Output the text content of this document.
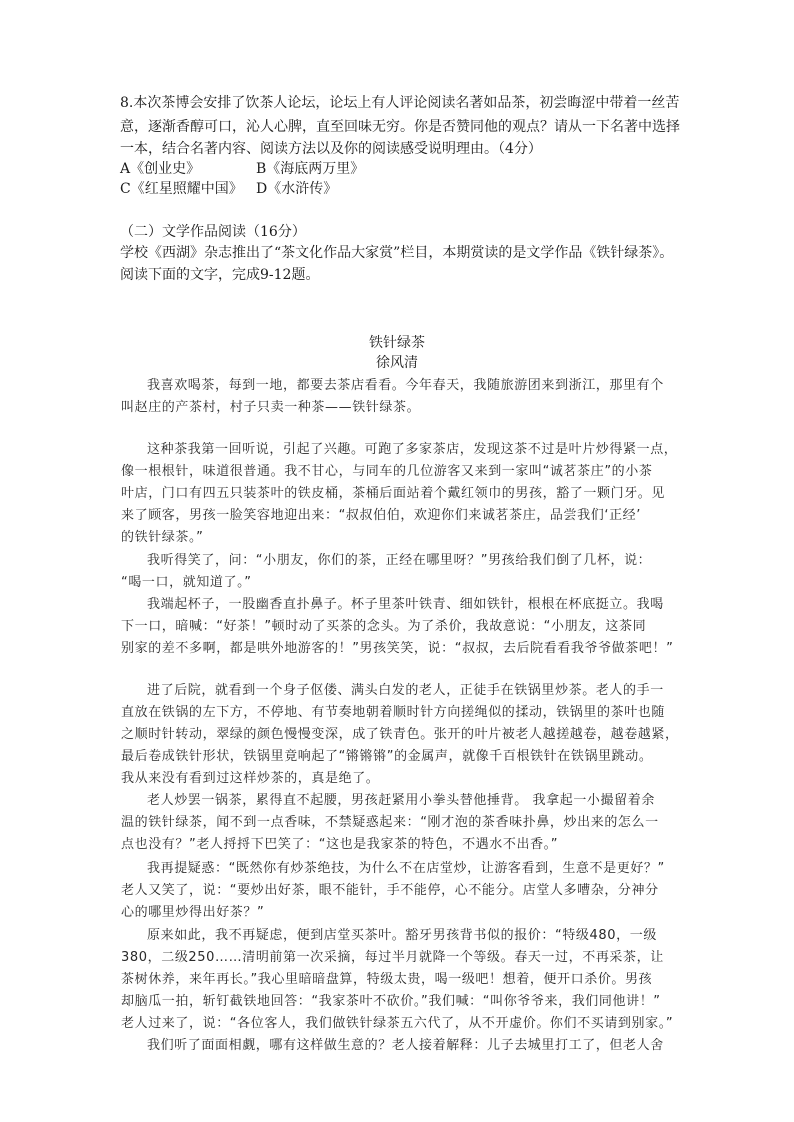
8.本次茶博会安排了饮茶人论坛，论坛上有人评论阅读名著如品茶，初尝晦涩中带着一丝苦

意，逐渐香醇可口，沁人心脾，直至回味无穷。你是否赞同他的观点？请从一下名著中选择

一本，结合名著内容、阅读方法以及你的阅读感受说明理由。（4分）

A《创业史》	B《海底两万里》

C《红星照耀中国》 D《水浒传》

（二）文学作品阅读（16分）

学校《西湖》杂志推出了“茶文化作品大家赏”栏目，本期赏读的是文学作品《铁针绿茶》。

阅读下面的文字，完成9-12题。

铁针绿茶

徐风清

我喜欢喝茶，每到一地，都要去茶店看看。今年春天，我随旅游团来到浙江，那里有个

叫赵庄的产茶村，村子只卖一种茶——铁针绿茶。

这种茶我第一回听说，引起了兴趣。可跑了多家茶店，发现这茶不过是叶片炒得紧一点，

像一根根针，味道很普通。我不甘心，与同车的几位游客又来到一家叫“诚茗茶庄”的小茶

叶店，门口有四五只装茶叶的铁皮桶，茶桶后面站着个戴红领巾的男孩，豁了一颗门牙。见

来了顾客，男孩一脸笑容地迎出来：“叔叔伯伯，欢迎你们来诚茗茶庄，品尝我们‘正经’

的铁针绿茶。”

我听得笑了，问：“小朋友，你们的茶，正经在哪里呀？”男孩给我们倒了几杯，说：

“喝一口，就知道了。”

我端起杯子，一股幽香直扑鼻子。杯子里茶叶铁青、细如铁针，根根在杯底挺立。我喝

下一口，暗喊：“好茶！”顿时动了买茶的念头。为了杀价，我故意说：“小朋友，这茶同

别家的差不多啊，都是哄外地游客的！”男孩笑笑，说：“叔叔，去后院看看我爷爷做茶吧！”

进了后院，就看到一个身子伛偻、满头白发的老人，正徒手在铁锅里炒茶。老人的手一

直放在铁锅的左下方，不停地、有节奏地朝着顺时针方向搓绳似的揉动，铁锅里的茶叶也随

之顺时针转动，翠绿的颜色慢慢变深，成了铁青色。张开的叶片被老人越搓越卷，越卷越紧，

最后卷成铁针形状，铁锅里竟响起了“锵锵锵”的金属声，就像千百根铁针在铁锅里跳动。

我从来没有看到过这样炒茶的，真是绝了。

老人炒罢一锅茶，累得直不起腰，男孩赶紧用小拳头替他捶背。 我拿起一小撮留着余

温的铁针绿茶，闻不到一点香味，不禁疑惑起来：“刚才泡的茶香味扑鼻，炒出来的怎么一

点也没有？”老人捋捋下巴笑了：“这也是我家茶的特色，不遇水不出香。”

我再提疑惑：“既然你有炒茶绝技，为什么不在店堂炒，让游客看到，生意不是更好？”

老人又笑了，说：“要炒出好茶，眼不能针，手不能停，心不能分。店堂人多嘈杂，分神分

心的哪里炒得出好茶？”

原来如此，我不再疑虑，便到店堂买茶叶。豁牙男孩背书似的报价：“特级480，一级

380，二级250……清明前第一次采摘，每过半月就降一个等级。春天一过，不再采茶，让

茶树休养，来年再长。”我心里暗暗盘算，特级太贵，喝一级吧！想着，便开口杀价。男孩

却脑瓜一拍，斩钉截铁地回答：“我家茶叶不砍价。”我们喊：“叫你爷爷来，我们同他讲！”

老人过来了，说：“各位客人，我们做铁针绿茶五六代了，从不开虚价。你们不买请到别家。”

我们听了面面相觑，哪有这样做生意的？老人接着解释：儿子去城里打工了，但老人舍
